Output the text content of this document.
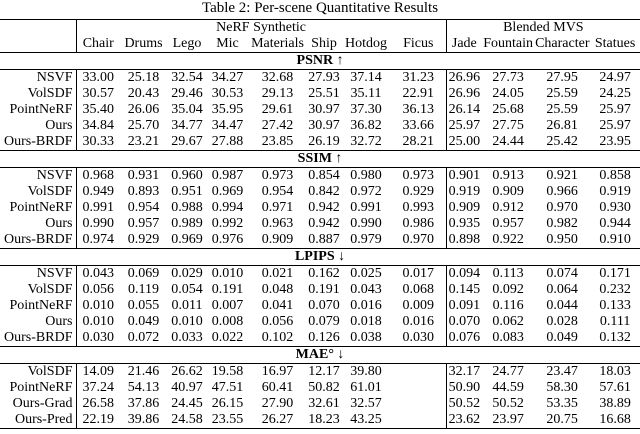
Table 2: Per-scene Quantitative Results
	NeRF Synthetic								Blended MVS			
	Chair	Drums	Lego	Mic	Materials	Ship	Hotdog	Ficus	Jade	Fountain	Character	Statues
PSNR ↑												
NSVF	33.00	25.18	32.54	34.27	32.68	27.93	37.14	31.23	26.96	27.73	27.95	24.97
VolSDF	30.57	20.43	29.46	30.53	29.13	25.51	35.11	22.91	26.96	24.05	25.59	24.25
PointNeRF	35.40	26.06	35.04	35.95	29.61	30.97	37.30	36.13	26.14	25.68	25.59	25.97
Ours	34.84	25.70	34.77	34.47	27.42	30.97	36.82	33.66	25.97	27.75	26.81	25.97
Ours-BRDF	30.33	23.21	29.67	27.88	23.85	26.19	32.72	28.21	25.00	24.44	25.42	23.95
SSIM ↑												
NSVF	0.968	0.931	0.960	0.987	0.973	0.854	0.980	0.973	0.901	0.913	0.921	0.858
VolSDF	0.949	0.893	0.951	0.969	0.954	0.842	0.972	0.929	0.919	0.909	0.966	0.919
PointNeRF	0.991	0.954	0.988	0.994	0.971	0.942	0.991	0.993	0.909	0.912	0.970	0.930
Ours	0.990	0.957	0.989	0.992	0.963	0.942	0.990	0.986	0.935	0.957	0.982	0.944
Ours-BRDF	0.974	0.929	0.969	0.976	0.909	0.887	0.979	0.970	0.898	0.922	0.950	0.910
LPIPS ↓												
NSVF	0.043	0.069	0.029	0.010	0.021	0.162	0.025	0.017	0.094	0.113	0.074	0.171
VolSDF	0.056	0.119	0.054	0.191	0.048	0.191	0.043	0.068	0.145	0.092	0.064	0.232
PointNeRF	0.010	0.055	0.011	0.007	0.041	0.070	0.016	0.009	0.091	0.116	0.044	0.133
Ours	0.010	0.049	0.010	0.008	0.056	0.079	0.018	0.016	0.070	0.062	0.028	0.111
Ours-BRDF	0.030	0.072	0.033	0.022	0.102	0.126	0.038	0.030	0.076	0.083	0.049	0.132
MAE° ↓												
VolSDF	14.09	21.46	26.62	19.58	16.97	12.17	39.80		32.17	24.77	23.47	18.03
PointNeRF	37.24	54.13	40.97	47.51	60.41	50.82	61.01		50.90	44.59	58.30	57.61
Ours-Grad	26.58	37.86	24.45	26.15	27.90	32.61	32.57		50.52	50.52	53.35	38.89
Ours-Pred	22.19	39.86	24.58	23.55	26.27	18.23	43.25		23.62	23.97	20.75	16.68
